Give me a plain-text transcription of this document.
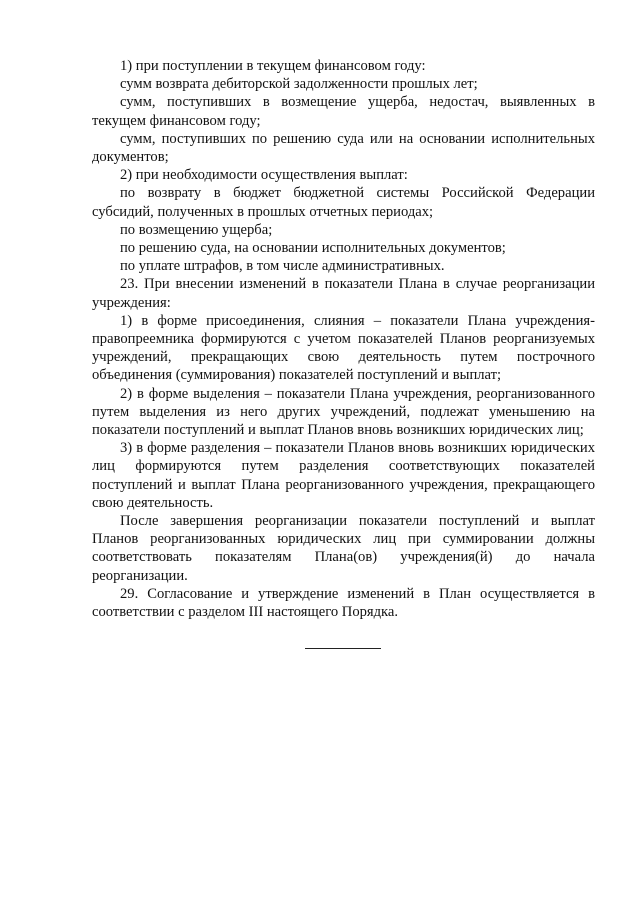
1) при поступлении в текущем финансовом году:

сумм возврата дебиторской задолженности прошлых лет;

сумм, поступивших в возмещение ущерба, недостач, выявленных в текущем финансовом году;

сумм, поступивших по решению суда или на основании исполнительных документов;

2) при необходимости осуществления выплат:

по возврату в бюджет бюджетной системы Российской Федерации субсидий, полученных в прошлых отчетных периодах;

по возмещению ущерба;

по решению суда, на основании исполнительных документов;

по уплате штрафов, в том числе административных.

23. При внесении изменений в показатели Плана в случае реорганизации учреждения:

1) в форме присоединения, слияния – показатели Плана учреждения-правопреемника формируются с учетом показателей Планов реорганизуемых учреждений, прекращающих свою деятельность путем построчного объединения (суммирования) показателей поступлений и выплат;

2) в форме выделения – показатели Плана учреждения, реорганизованного путем выделения из него других учреждений, подлежат уменьшению на показатели поступлений и выплат Планов вновь возникших юридических лиц;

3) в форме разделения – показатели Планов вновь возникших юридических лиц формируются путем разделения соответствующих показателей поступлений и выплат Плана реорганизованного учреждения, прекращающего свою деятельность.

После завершения реорганизации показатели поступлений и выплат Планов реорганизованных юридических лиц при суммировании должны соответствовать показателям Плана(ов) учреждения(й) до начала реорганизации.

29. Согласование и утверждение изменений в План осуществляется в соответствии с разделом III настоящего Порядка.
